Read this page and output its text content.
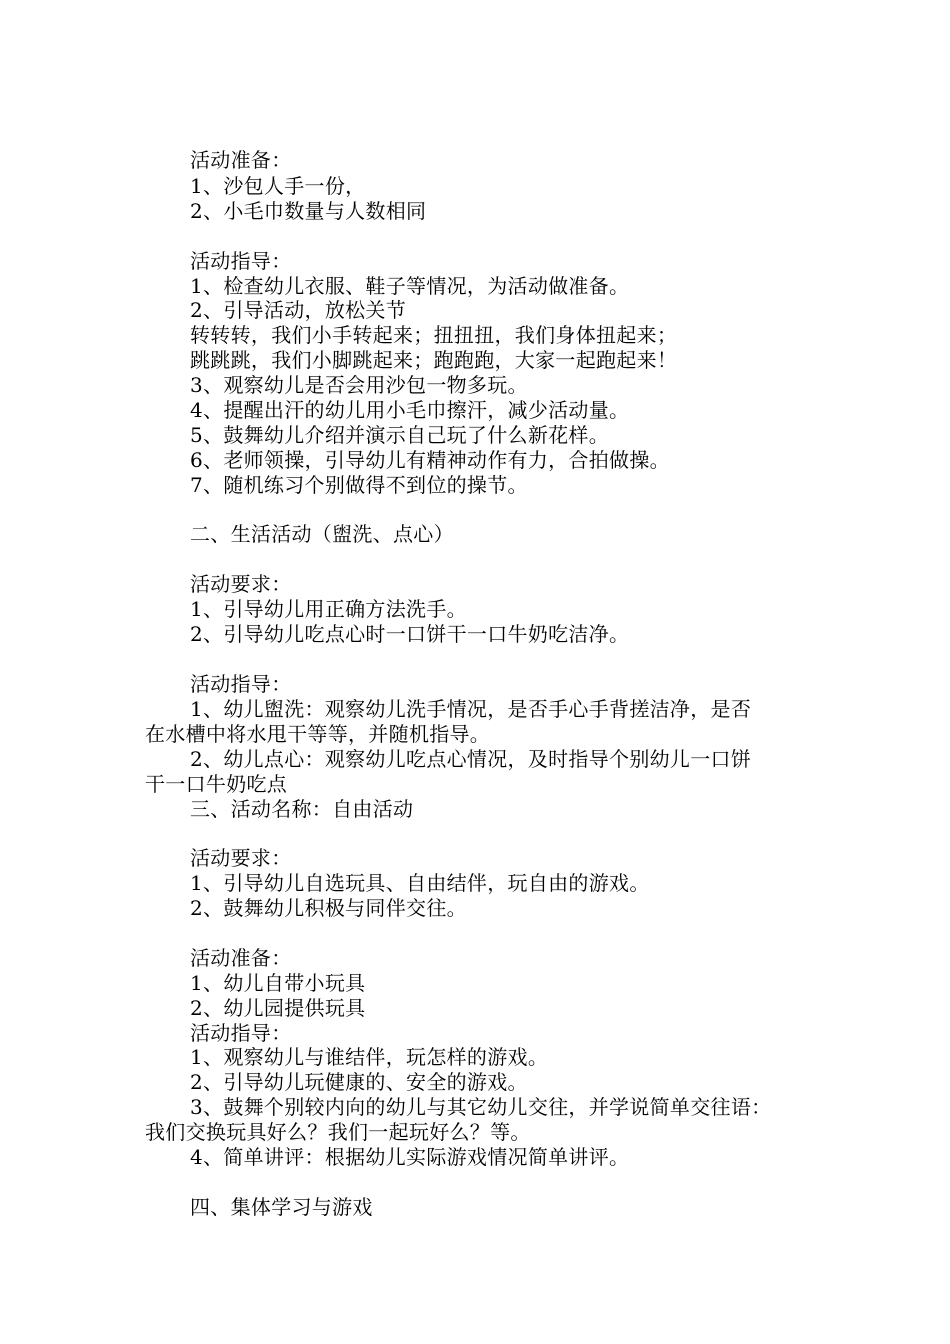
活动准备：
1、沙包人手一份，
2、小毛巾数量与人数相同
活动指导：
1、检查幼儿衣服、鞋子等情况，为活动做准备。
2、引导活动，放松关节
转转转，我们小手转起来；扭扭扭，我们身体扭起来；
跳跳跳，我们小脚跳起来；跑跑跑，大家一起跑起来！
3、观察幼儿是否会用沙包一物多玩。
4、提醒出汗的幼儿用小毛巾擦汗，减少活动量。
5、鼓舞幼儿介绍并演示自己玩了什么新花样。
6、老师领操，引导幼儿有精神动作有力，合拍做操。
7、随机练习个别做得不到位的操节。
二、生活活动（盥洗、点心）
活动要求：
1、引导幼儿用正确方法洗手。
2、引导幼儿吃点心时一口饼干一口牛奶吃洁净。
活动指导：
1、幼儿盥洗：观察幼儿洗手情况，是否手心手背搓洁净，是否
在水槽中将水甩干等等，并随机指导。
2、幼儿点心：观察幼儿吃点心情况，及时指导个别幼儿一口饼
干一口牛奶吃点
三、活动名称：自由活动
活动要求：
1、引导幼儿自选玩具、自由结伴，玩自由的游戏。
2、鼓舞幼儿积极与同伴交往。
活动准备：
1、幼儿自带小玩具
2、幼儿园提供玩具
活动指导：
1、观察幼儿与谁结伴，玩怎样的游戏。
2、引导幼儿玩健康的、安全的游戏。
3、鼓舞个别较内向的幼儿与其它幼儿交往，并学说简单交往语：
我们交换玩具好么？我们一起玩好么？等。
4、简单讲评：根据幼儿实际游戏情况简单讲评。
四、集体学习与游戏
